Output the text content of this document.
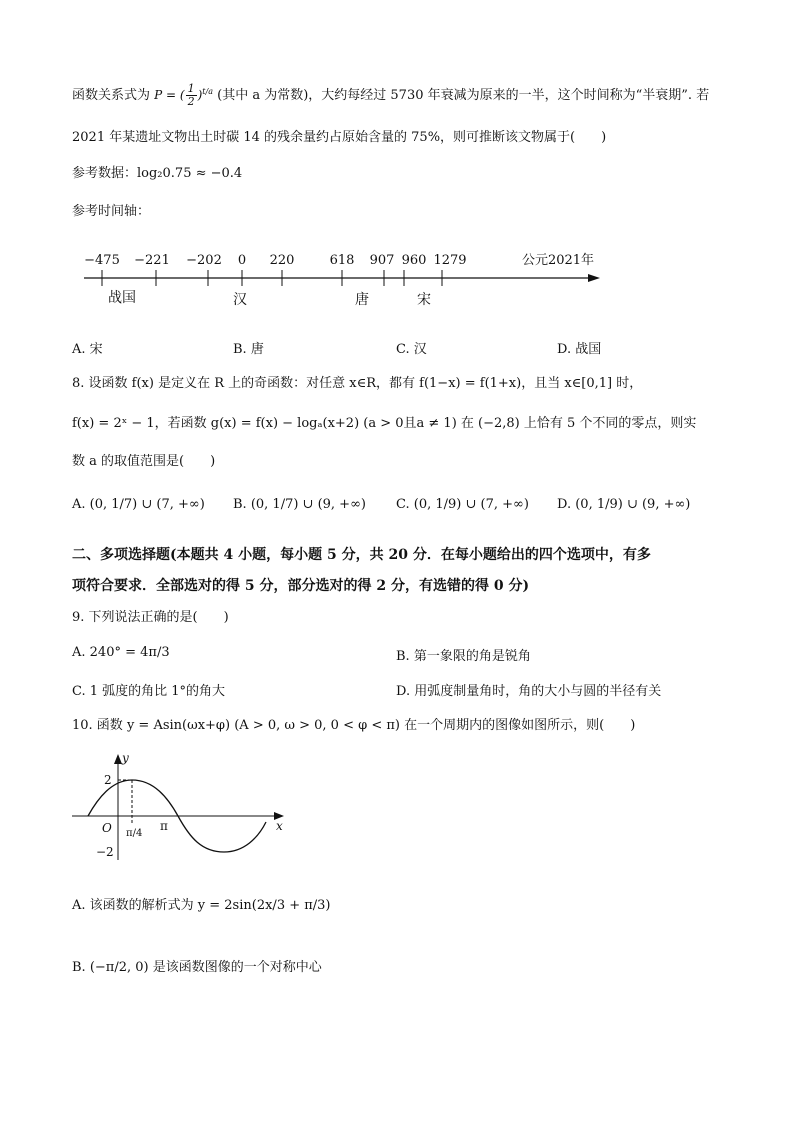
函数关系式为 P = ( $\frac{1}{2} )^{t/a}$ (其中 a 为常数)，大约每经过 5730 年衰减为原来的一半，这个时间称为“半衰期”. 若
2021 年某遗址文物出土时碳 14 的残余量约占原始含量的 75%，则可推断该文物属于(　　)
参考数据：log₂0.75 ≈ −0.4
参考时间轴：
−475 −221 −202 0 220	618 907 960 1279	公元2021年
战国	汉	唐	宋
A. 宋	B. 唐	C. 汉	D. 战国
8. 设函数 f(x) 是定义在 R 上的奇函数：对任意 x∈R，都有 f(1−x) = f(1+x)，且当 x∈[0,1] 时，
f(x) = 2ˣ − 1，若函数 g(x) = f(x) − logₐ(x+2) (a > 0且a ≠ 1) 在 (−2,8) 上恰有 5 个不同的零点，则实
数 a 的取值范围是(　　)
A. (0, 1/7) ∪ (7, +∞) B. (0, 1/7) ∪ (9, +∞) C. (0, 1/9) ∪ (7, +∞) D. (0, 1/9) ∪ (9, +∞)
二、多项选择题(本题共 4 小题，每小题 5 分，共 20 分．在每小题给出的四个选项中，有多
项符合要求．全部选对的得 5 分，部分选对的得 2 分，有选错的得 0 分)
9. 下列说法正确的是(　　)
A. 240° = 4π/3	B. 第一象限的角是锐角
C. 1 弧度的角比 1°的角大	D. 用弧度制量角时，角的大小与圆的半径有关
10. 函数 y = Asin(ωx+φ) (A > 0, ω > 0, 0 < φ < π) 在一个周期内的图像如图所示，则(　　)
y
x
O
2
−2
π/4
π
A. 该函数的解析式为 y = 2sin(2x/3 + π/3)
B. (−π/2, 0) 是该函数图像的一个对称中心
